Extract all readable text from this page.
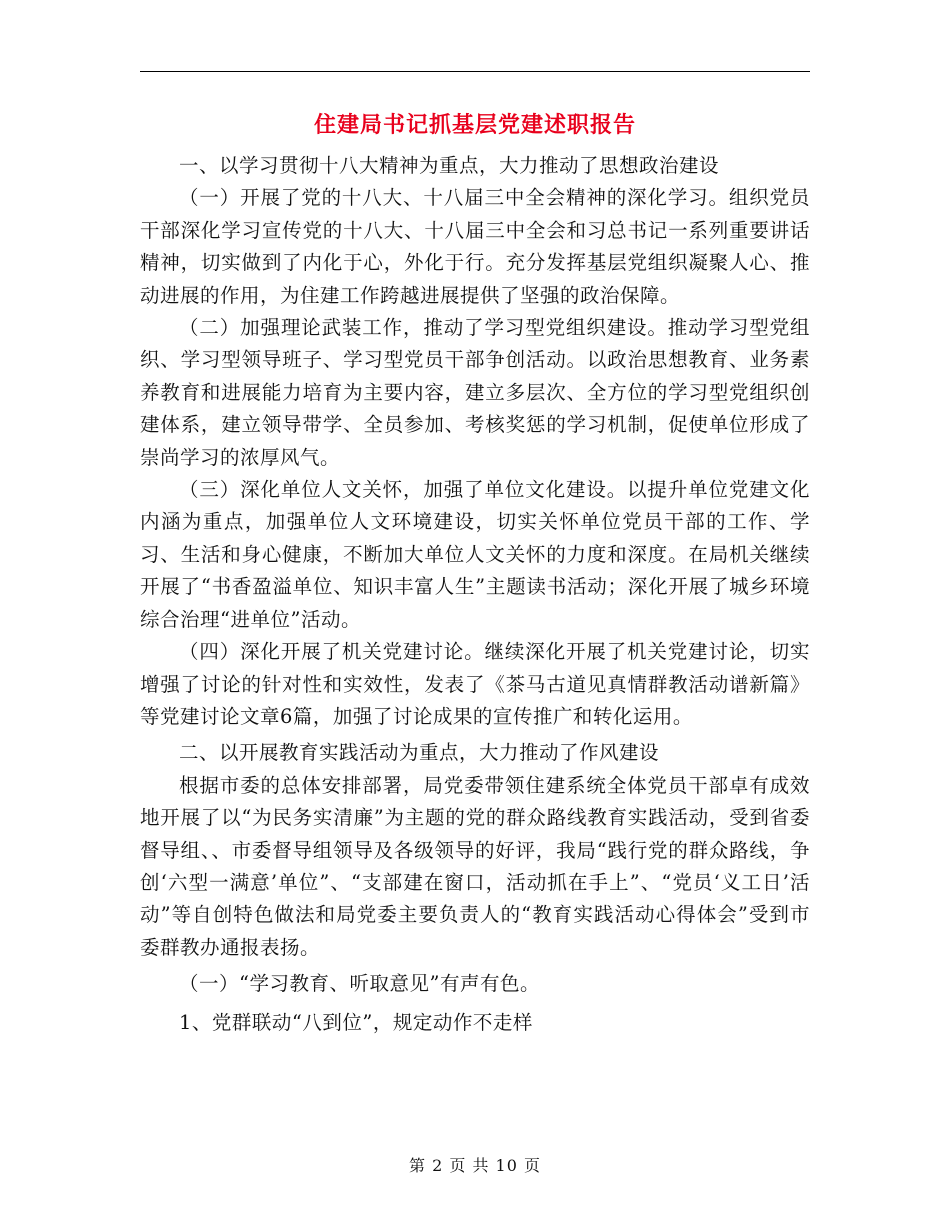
住建局书记抓基层党建述职报告

一、以学习贯彻十八大精神为重点，大力推动了思想政治建设

（一）开展了党的十八大、十八届三中全会精神的深化学习。组织党员干部深化学习宣传党的十八大、十八届三中全会和习总书记一系列重要讲话精神，切实做到了内化于心，外化于行。充分发挥基层党组织凝聚人心、推动进展的作用，为住建工作跨越进展提供了坚强的政治保障。

（二）加强理论武装工作，推动了学习型党组织建设。推动学习型党组织、学习型领导班子、学习型党员干部争创活动。以政治思想教育、业务素养教育和进展能力培育为主要内容，建立多层次、全方位的学习型党组织创建体系，建立领导带学、全员参加、考核奖惩的学习机制，促使单位形成了崇尚学习的浓厚风气。

（三）深化单位人文关怀，加强了单位文化建设。以提升单位党建文化内涵为重点，加强单位人文环境建设，切实关怀单位党员干部的工作、学习、生活和身心健康，不断加大单位人文关怀的力度和深度。在局机关继续开展了“书香盈溢单位、知识丰富人生”主题读书活动；深化开展了城乡环境综合治理“进单位”活动。

（四）深化开展了机关党建讨论。继续深化开展了机关党建讨论，切实增强了讨论的针对性和实效性，发表了《茶马古道见真情群教活动谱新篇》等党建讨论文章6篇，加强了讨论成果的宣传推广和转化运用。

二、以开展教育实践活动为重点，大力推动了作风建设

根据市委的总体安排部署，局党委带领住建系统全体党员干部卓有成效地开展了以“为民务实清廉”为主题的党的群众路线教育实践活动，受到省委督导组、、市委督导组领导及各级领导的好评，我局“践行党的群众路线，争创‘六型一满意’单位”、“支部建在窗口，活动抓在手上”、“党员‘义工日’活动”等自创特色做法和局党委主要负责人的“教育实践活动心得体会”受到市委群教办通报表扬。

（一）“学习教育、听取意见”有声有色。

1、党群联动“八到位”，规定动作不走样

第 2 页 共 10 页
